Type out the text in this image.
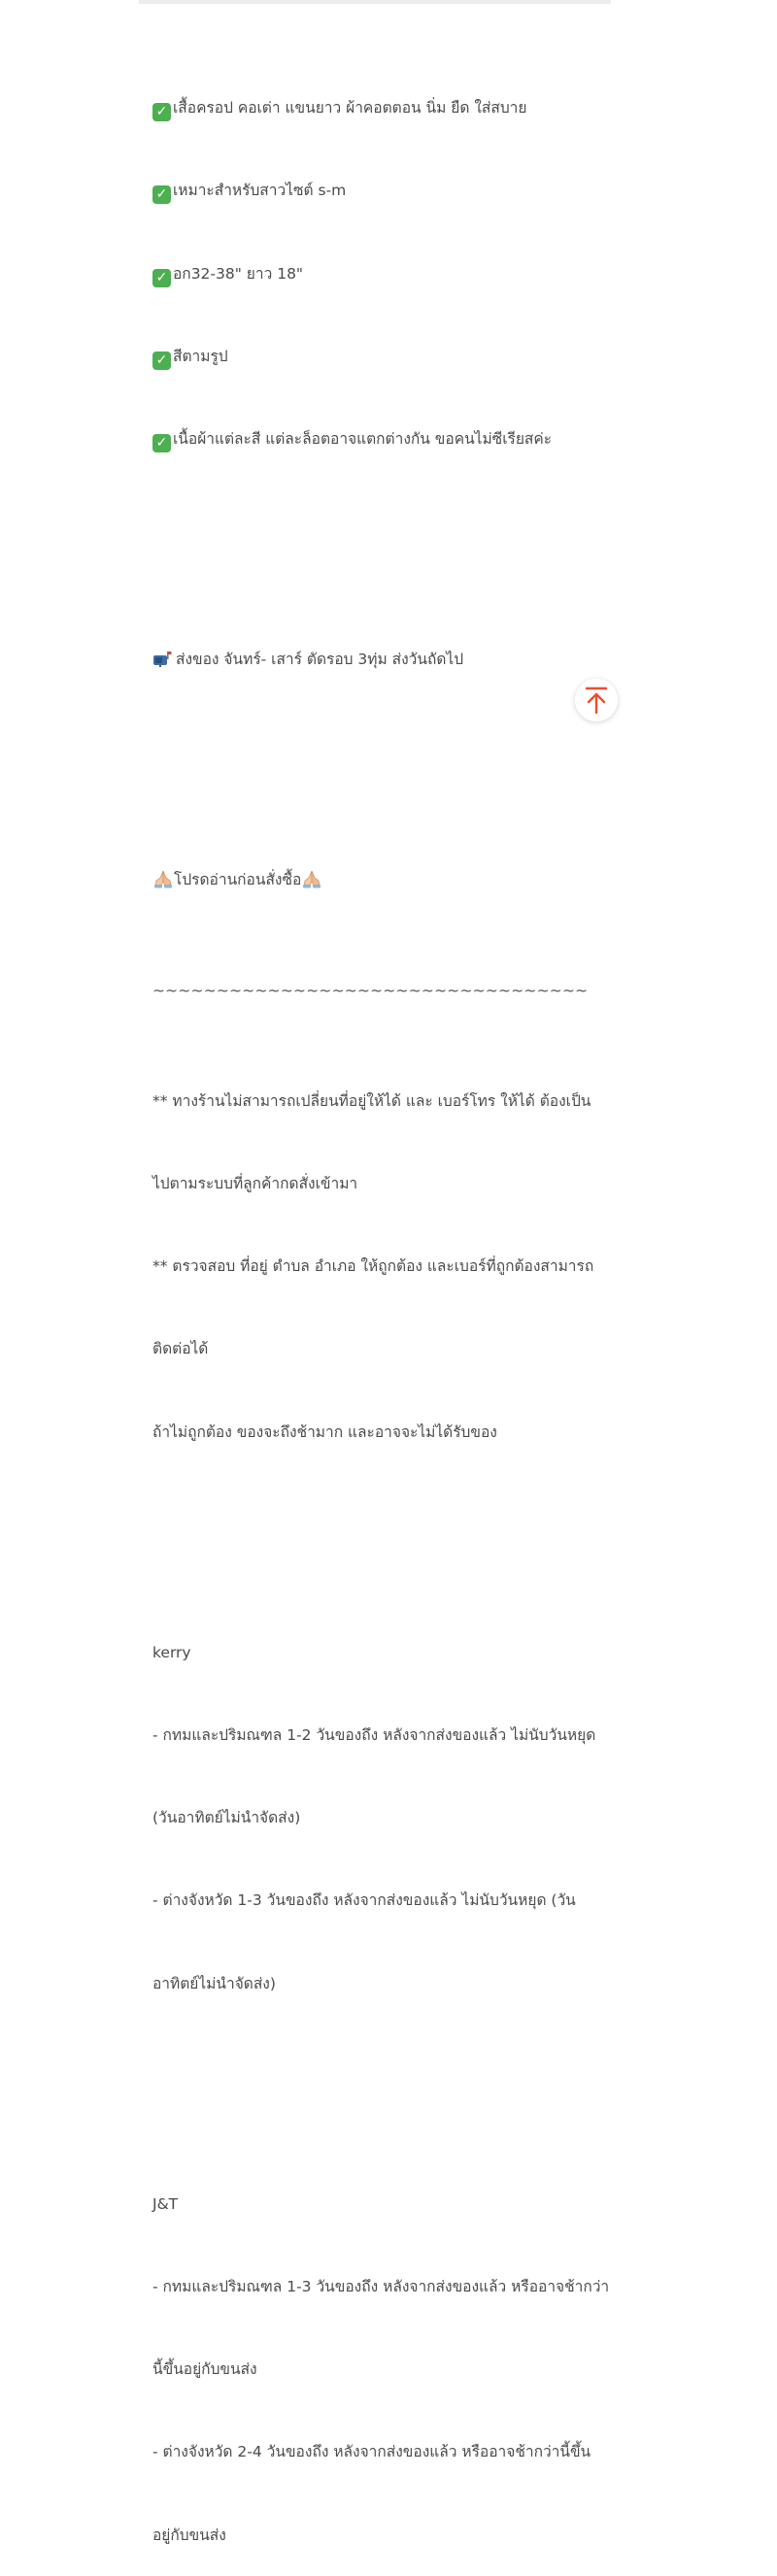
✓ เสื้อครอป คอเต่า แขนยาว ผ้าคอตตอน นิ่ม ยืด ใส่สบาย

✓ เหมาะสำหรับสาวไซต์ s-m

✓ อก32-38" ยาว 18"

✓ สีตามรูป

✓ เนื้อผ้าแต่ละสี แต่ละล็อตอาจแตกต่างกัน ขอคนไม่ซีเรียสค่ะ

ส่งของ จันทร์- เสาร์ ตัดรอบ 3ทุ่ม ส่งวันถัดไป

โปรดอ่านก่อนสั่งซื้อ

~~~~~~~~~~~~~~~~~~~~~~~~~~~~~~~~~~

** ทางร้านไม่สามารถเปลี่ยนที่อยู่ให้ได้ และ เบอร์โทร ให้ได้ ต้องเป็น

ไปตามระบบที่ลูกค้ากดสั่งเข้ามา

** ตรวจสอบ ที่อยู่ ตำบล อำเภอ ให้ถูกต้อง และเบอร์ที่ถูกต้องสามารถ

ติดต่อได้

ถ้าไม่ถูกต้อง ของจะถึงช้ามาก และอาจจะไม่ได้รับของ

kerry

- กทมและปริมณฑล 1-2 วันของถึง หลังจากส่งของแล้ว ไม่นับวันหยุด

(วันอาทิตย์ไม่นำจัดส่ง)

- ต่างจังหวัด 1-3 วันของถึง หลังจากส่งของแล้ว ไม่นับวันหยุด (วัน

อาทิตย์ไม่นำจัดส่ง)

J&T

- กทมและปริมณฑล 1-3 วันของถึง หลังจากส่งของแล้ว หรืออาจช้ากว่า

นี้ขึ้นอยู่กับขนส่ง

- ต่างจังหวัด 2-4 วันของถึง หลังจากส่งของแล้ว หรืออาจช้ากว่านี้ขึ้น

อยู่กับขนส่ง
